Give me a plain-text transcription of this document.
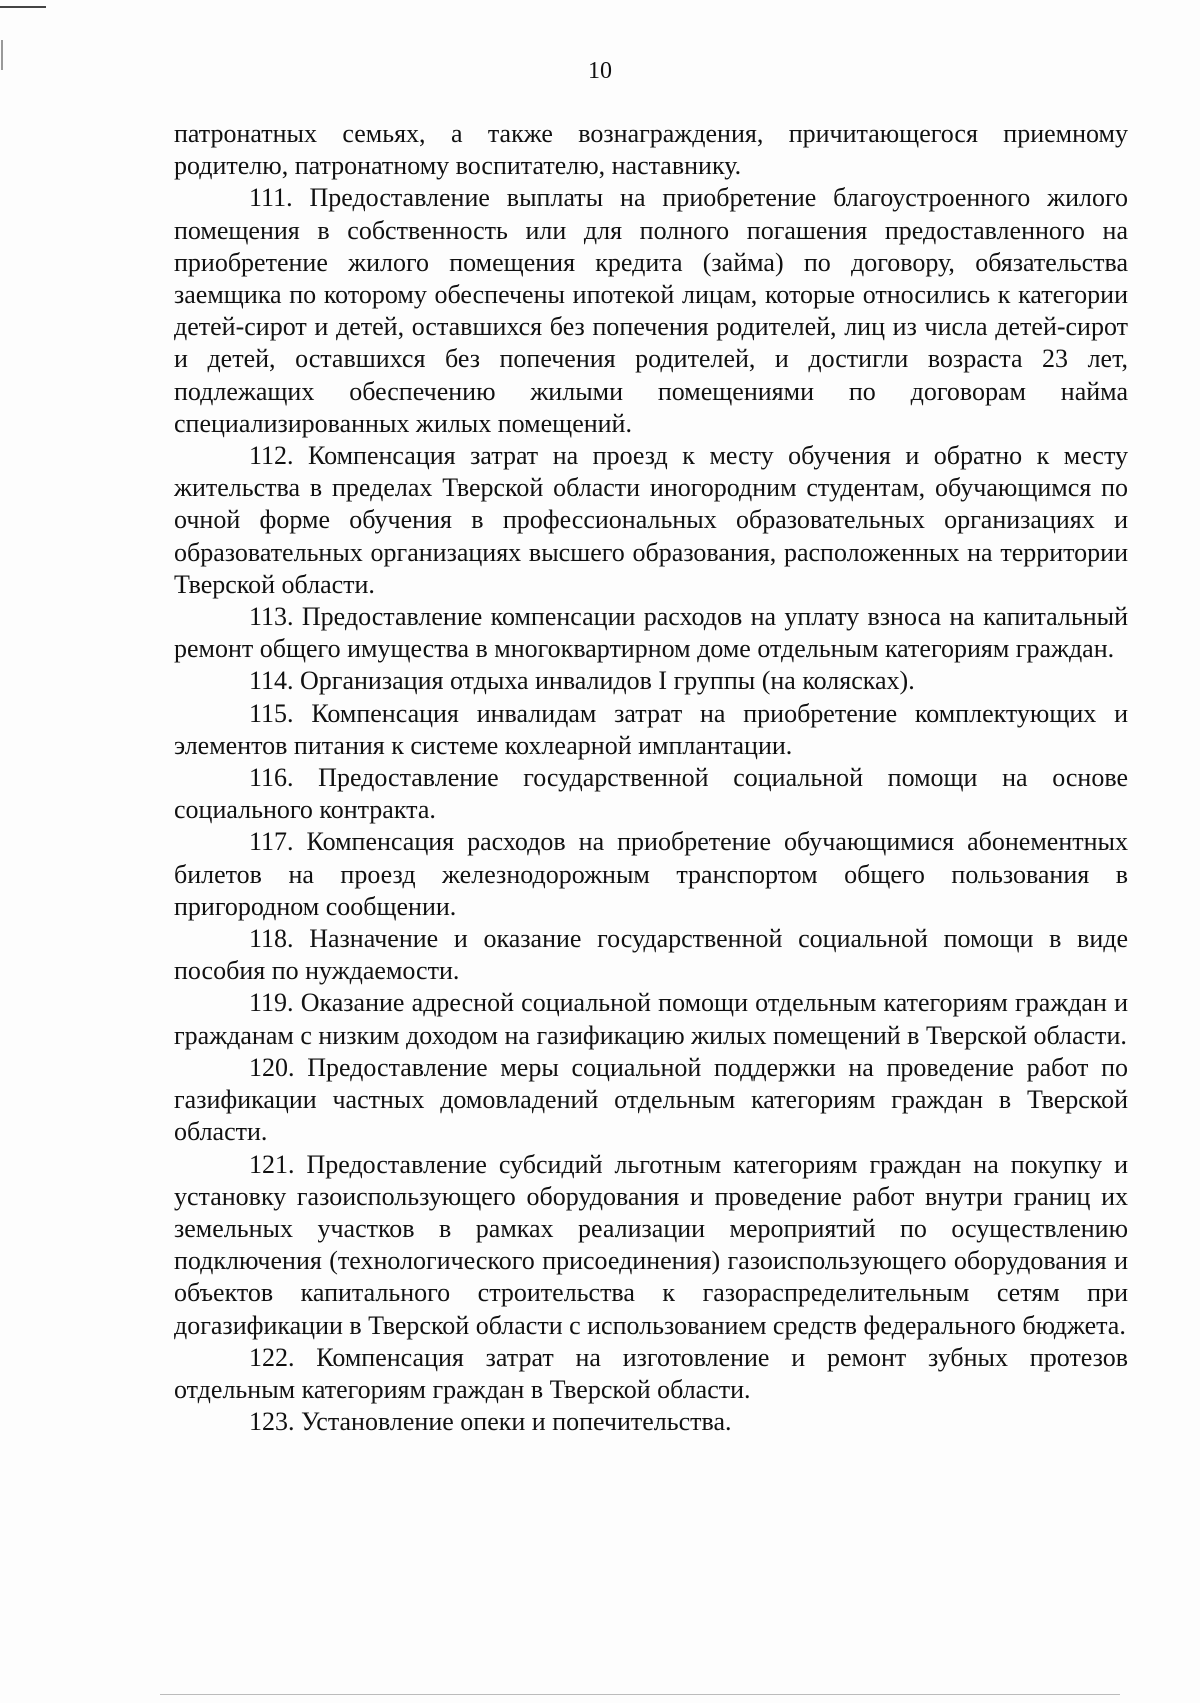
10

патронатных семьях, а также вознаграждения, причитающегося приемному родителю, патронатному воспитателю, наставнику.

111. Предоставление выплаты на приобретение благоустроенного жилого помещения в собственность или для полного погашения предоставленного на приобретение жилого помещения кредита (займа) по договору, обязательства заемщика по которому обеспечены ипотекой лицам, которые относились к категории детей-сирот и детей, оставшихся без попечения родителей, лиц из числа детей-сирот и детей, оставшихся без попечения родителей, и достигли возраста 23 лет, подлежащих обеспечению жилыми помещениями по договорам найма специализированных жилых помещений.

112. Компенсация затрат на проезд к месту обучения и обратно к месту жительства в пределах Тверской области иногородним студентам, обучающимся по очной форме обучения в профессиональных образовательных организациях и образовательных организациях высшего образования, расположенных на территории Тверской области.

113. Предоставление компенсации расходов на уплату взноса на капитальный ремонт общего имущества в многоквартирном доме отдельным категориям граждан.

114. Организация отдыха инвалидов I группы (на колясках).

115. Компенсация инвалидам затрат на приобретение комплектующих и элементов питания к системе кохлеарной имплантации.

116. Предоставление государственной социальной помощи на основе социального контракта.

117. Компенсация расходов на приобретение обучающимися абонементных билетов на проезд железнодорожным транспортом общего пользования в пригородном сообщении.

118. Назначение и оказание государственной социальной помощи в виде пособия по нуждаемости.

119. Оказание адресной социальной помощи отдельным категориям граждан и гражданам с низким доходом на газификацию жилых помещений в Тверской области.

120. Предоставление меры социальной поддержки на проведение работ по газификации частных домовладений отдельным категориям граждан в Тверской области.

121. Предоставление субсидий льготным категориям граждан на покупку и установку газоиспользующего оборудования и проведение работ внутри границ их земельных участков в рамках реализации мероприятий по осуществлению подключения (технологического присоединения) газоиспользующего оборудования и объектов капитального строительства к газораспределительным сетям при догазификации в Тверской области с использованием средств федерального бюджета.

122. Компенсация затрат на изготовление и ремонт зубных протезов отдельным категориям граждан в Тверской области.

123. Установление опеки и попечительства.
